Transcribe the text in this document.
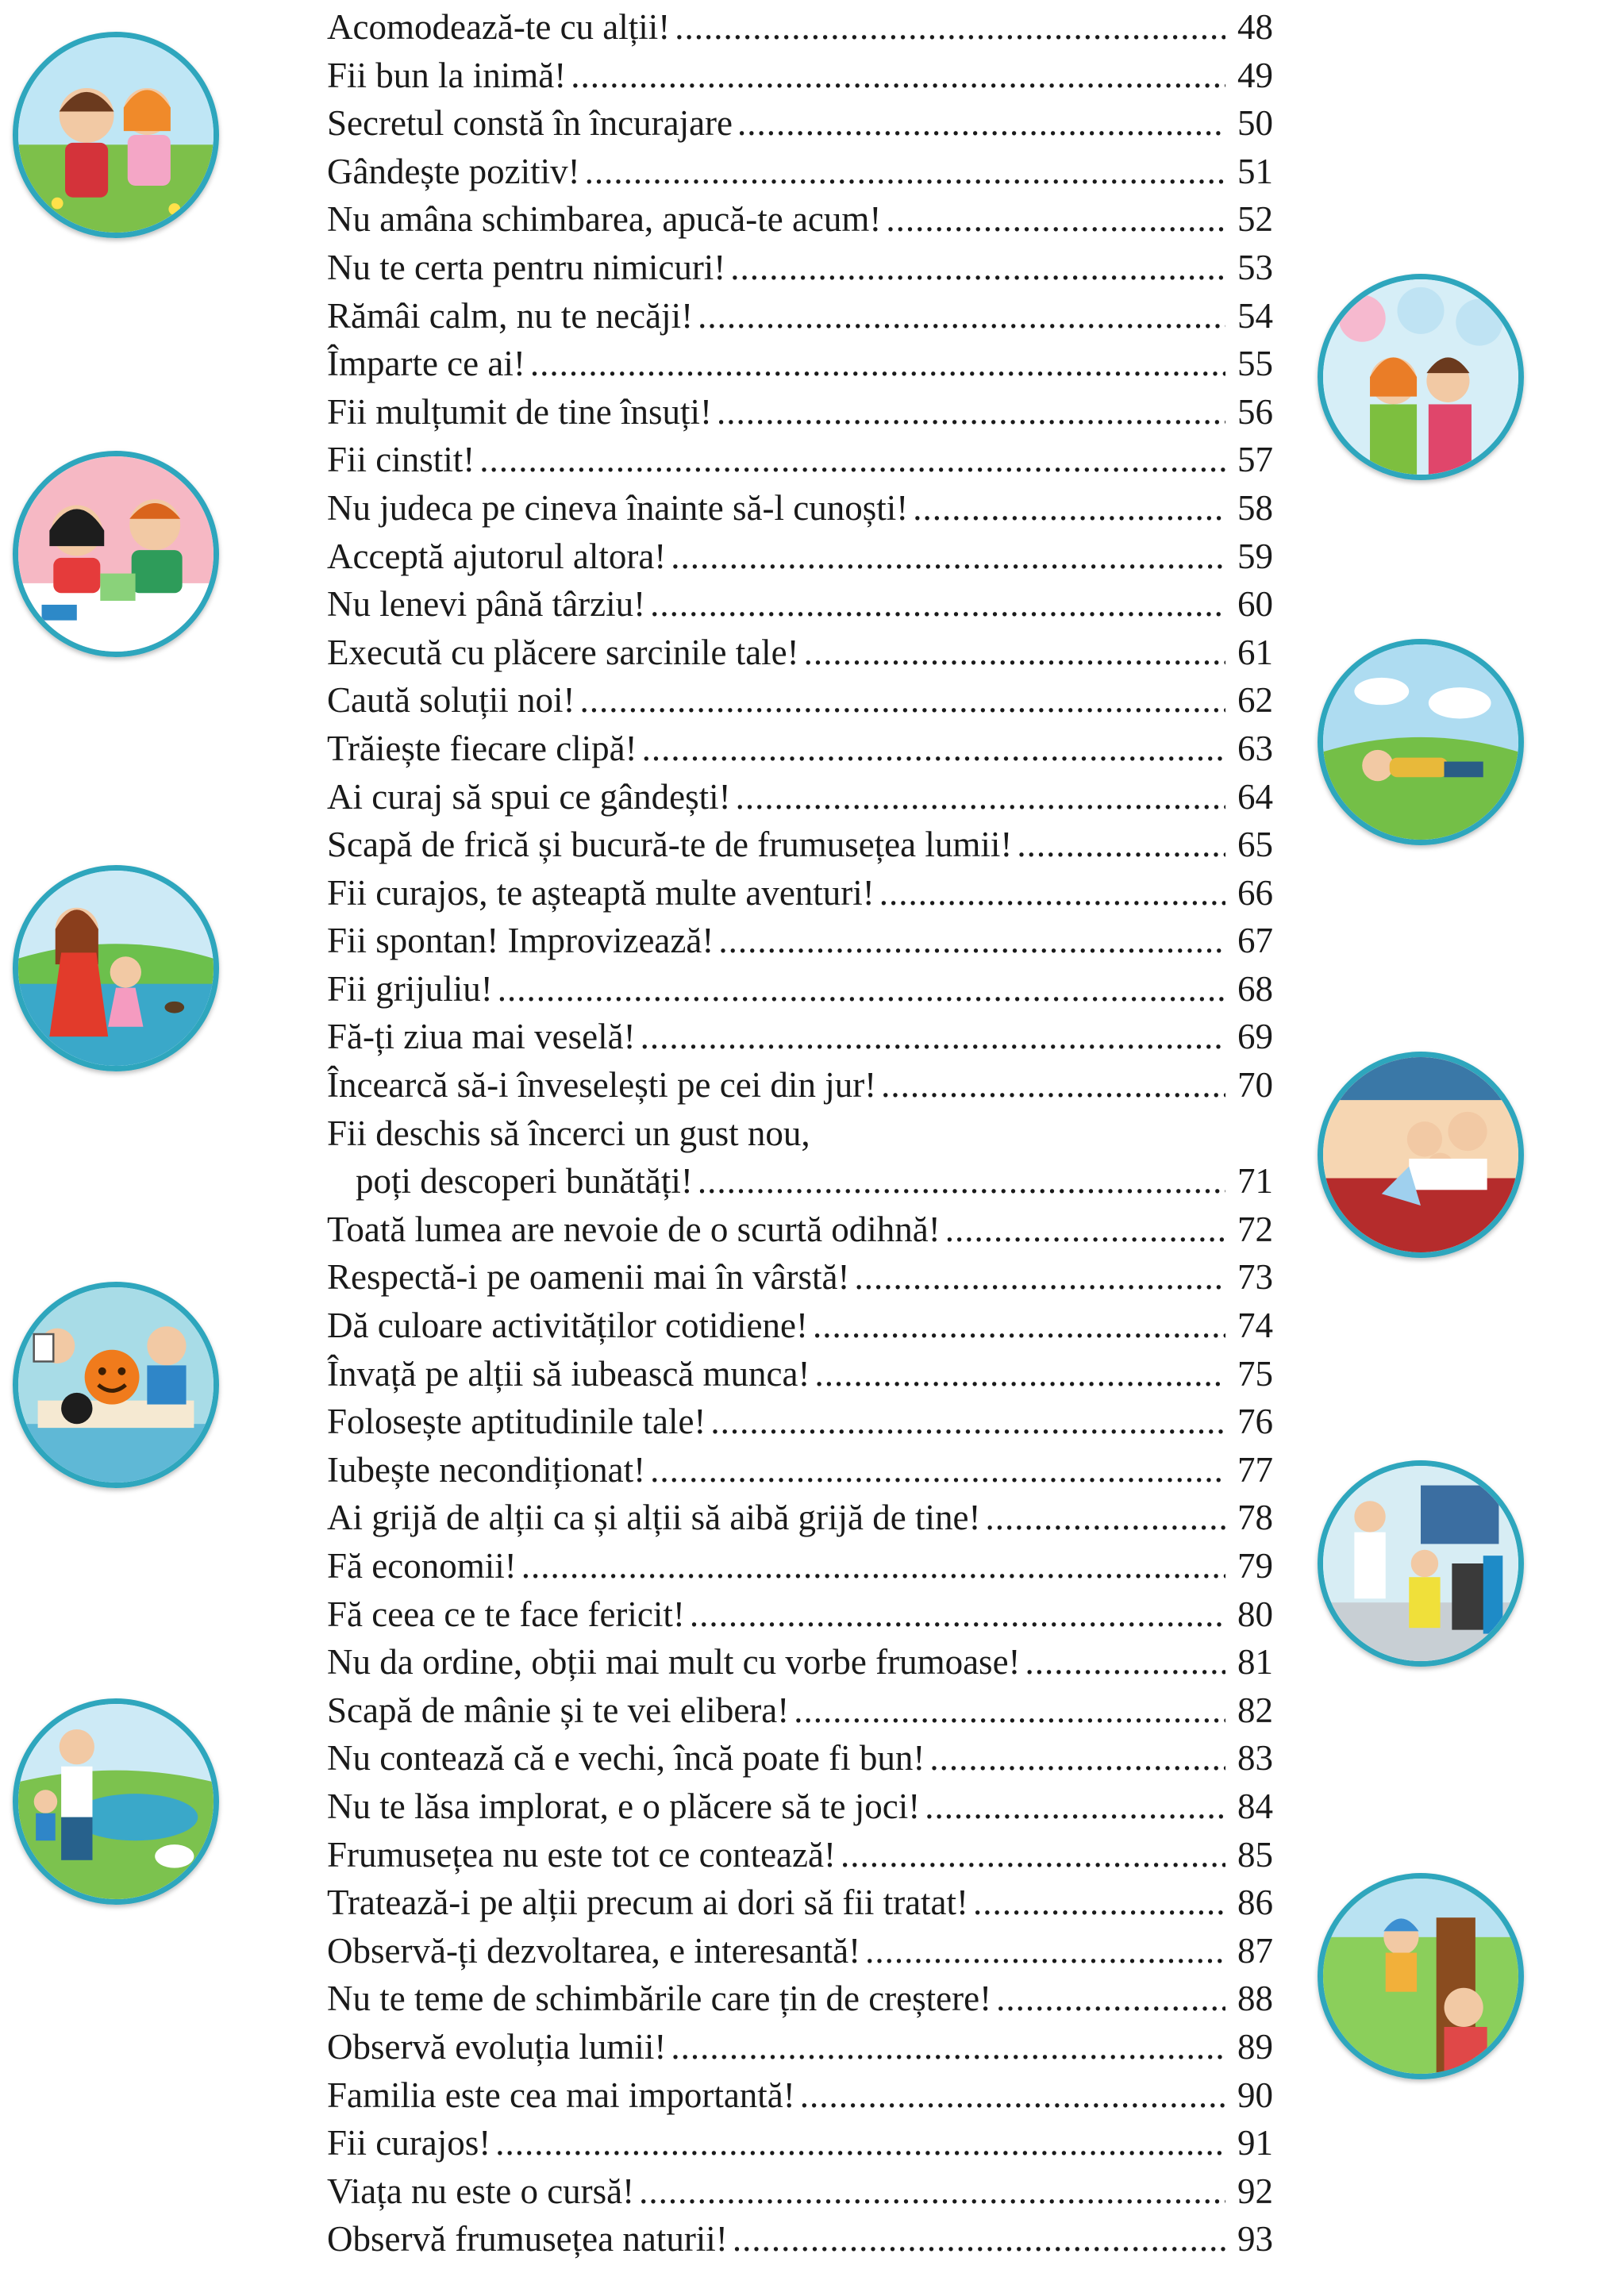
Acomodează-te cu alții! .....	48
Fii bun la inimă! .....	49
Secretul constă în încurajare .....	50
Gândește pozitiv! .....	51
Nu amâna schimbarea, apucă-te acum! .....	52
Nu te certa pentru nimicuri! .....	53
Rămâi calm, nu te necăji! .....	54
Împarte ce ai! .....	55
Fii mulțumit de tine însuți! .....	56
Fii cinstit! .....	57
Nu judeca pe cineva înainte să-l cunoști! .....	58
Acceptă ajutorul altora! .....	59
Nu lenevi până târziu! .....	60
Execută cu plăcere sarcinile tale! .....	61
Caută soluții noi! .....	62
Trăiește fiecare clipă! .....	63
Ai curaj să spui ce gândești! .....	64
Scapă de frică și bucură-te de frumusețea lumii! .....	65
Fii curajos, te așteaptă multe aventuri! .....	66
Fii spontan! Improvizează! .....	67
Fii grijuliu! .....	68
Fă-ți ziua mai veselă! .....	69
Încearcă să-i înveselești pe cei din jur! .....	70
Fii deschis să încerci un gust nou,
poți descoperi bunătăți! .....	71
Toată lumea are nevoie de o scurtă odihnă! .....	72
Respectă-i pe oamenii mai în vârstă! .....	73
Dă culoare activităților cotidiene! .....	74
Învață pe alții să iubească munca! .....	75
Folosește aptitudinile tale! .....	76
Iubește necondiționat! .....	77
Ai grijă de alții ca și alții să aibă grijă de tine! .....	78
Fă economii! .....	79
Fă ceea ce te face fericit! .....	80
Nu da ordine, obții mai mult cu vorbe frumoase! .....	81
Scapă de mânie și te vei elibera! .....	82
Nu contează că e vechi, încă poate fi bun! .....	83
Nu te lăsa implorat, e o plăcere să te joci! .....	84
Frumusețea nu este tot ce contează! .....	85
Tratează-i pe alții precum ai dori să fii tratat! .....	86
Observă-ți dezvoltarea, e interesantă! .....	87
Nu te teme de schimbările care țin de creștere! .....	88
Observă evoluția lumii! .....	89
Familia este cea mai importantă! .....	90
Fii curajos! .....	91
Viața nu este o cursă! .....	92
Observă frumusețea naturii! .....	93
